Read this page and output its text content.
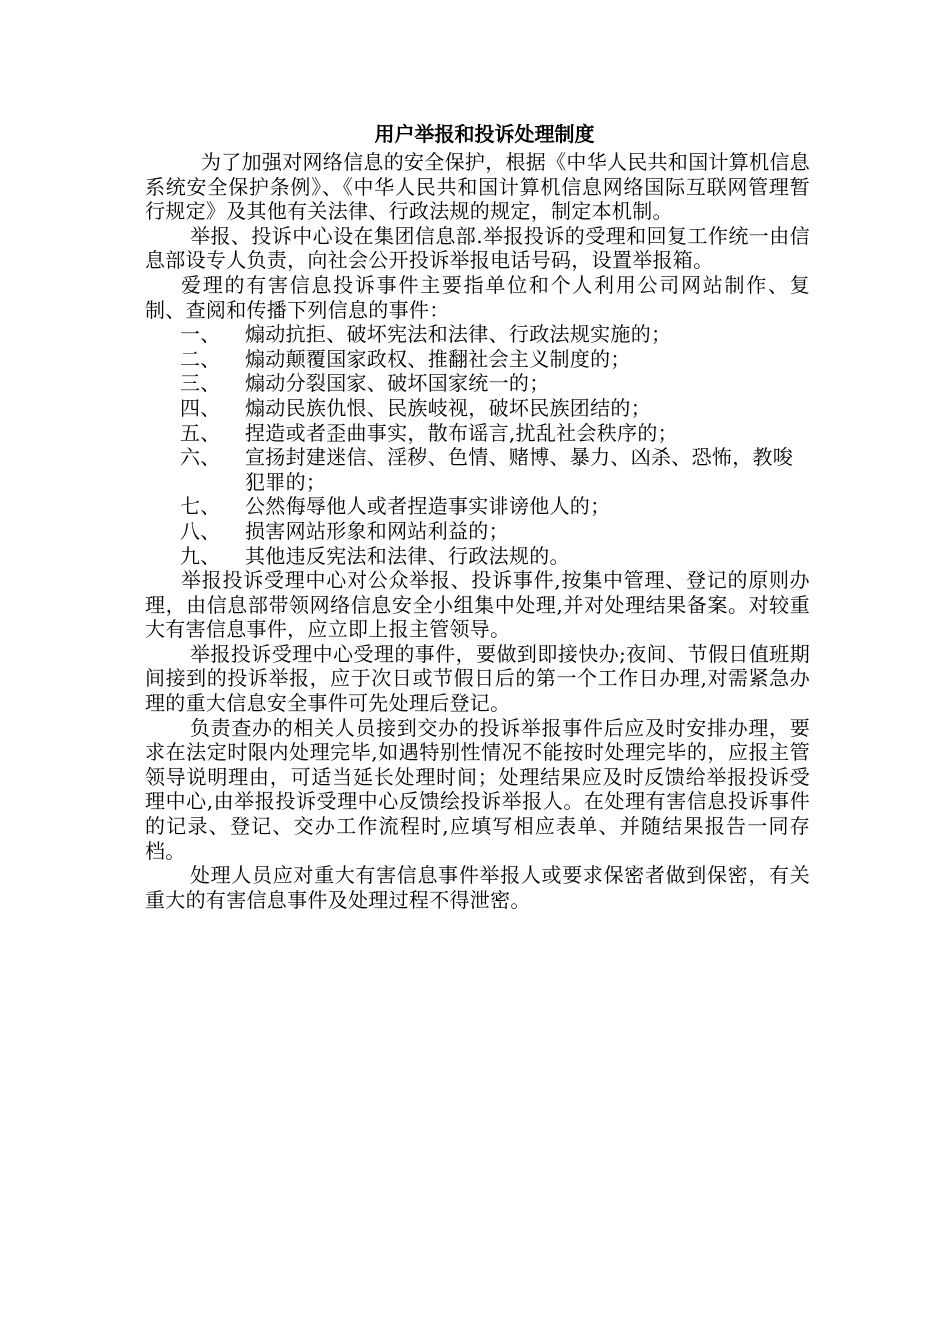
用户举报和投诉处理制度

为了加强对网络信息的安全保护，根据《中华人民共和国计算机信息系统安全保护条例》、《中华人民共和国计算机信息网络国际互联网管理暂行规定》及其他有关法律、行政法规的规定，制定本机制。

举报、投诉中心设在集团信息部.举报投诉的受理和回复工作统一由信息部设专人负责，向社会公开投诉举报电话号码，设置举报箱。

爱理的有害信息投诉事件主要指单位和个人利用公司网站制作、复制、查阅和传播下列信息的事件：

一、	煽动抗拒、破坏宪法和法律、行政法规实施的；
二、	煽动颠覆国家政权、推翻社会主义制度的；
三、	煽动分裂国家、破坏国家统一的；
四、	煽动民族仇恨、民族岐视，破坏民族团结的；
五、	捏造或者歪曲事实，散布谣言,扰乱社会秩序的；
六、	宣扬封建迷信、淫秽、色情、赌博、暴力、凶杀、恐怖，教唆犯罪的；
七、	公然侮辱他人或者捏造事实诽谤他人的；
八、	损害网站形象和网站利益的；
九、	其他违反宪法和法律、行政法规的。

举报投诉受理中心对公众举报、投诉事件,按集中管理、登记的原则办理，由信息部带领网络信息安全小组集中处理,并对处理结果备案。对较重大有害信息事件，应立即上报主管领导。

举报投诉受理中心受理的事件，要做到即接快办;夜间、节假日值班期间接到的投诉举报，应于次日或节假日后的第一个工作日办理,对需紧急办理的重大信息安全事件可先处理后登记。

负责查办的相关人员接到交办的投诉举报事件后应及时安排办理，要求在法定时限内处理完毕,如遇特别性情况不能按时处理完毕的，应报主管领导说明理由，可适当延长处理时间；处理结果应及时反馈给举报投诉受理中心,由举报投诉受理中心反馈绘投诉举报人。在处理有害信息投诉事件的记录、登记、交办工作流程时,应填写相应表单、并随结果报告一同存档。

处理人员应对重大有害信息事件举报人或要求保密者做到保密，有关重大的有害信息事件及处理过程不得泄密。
